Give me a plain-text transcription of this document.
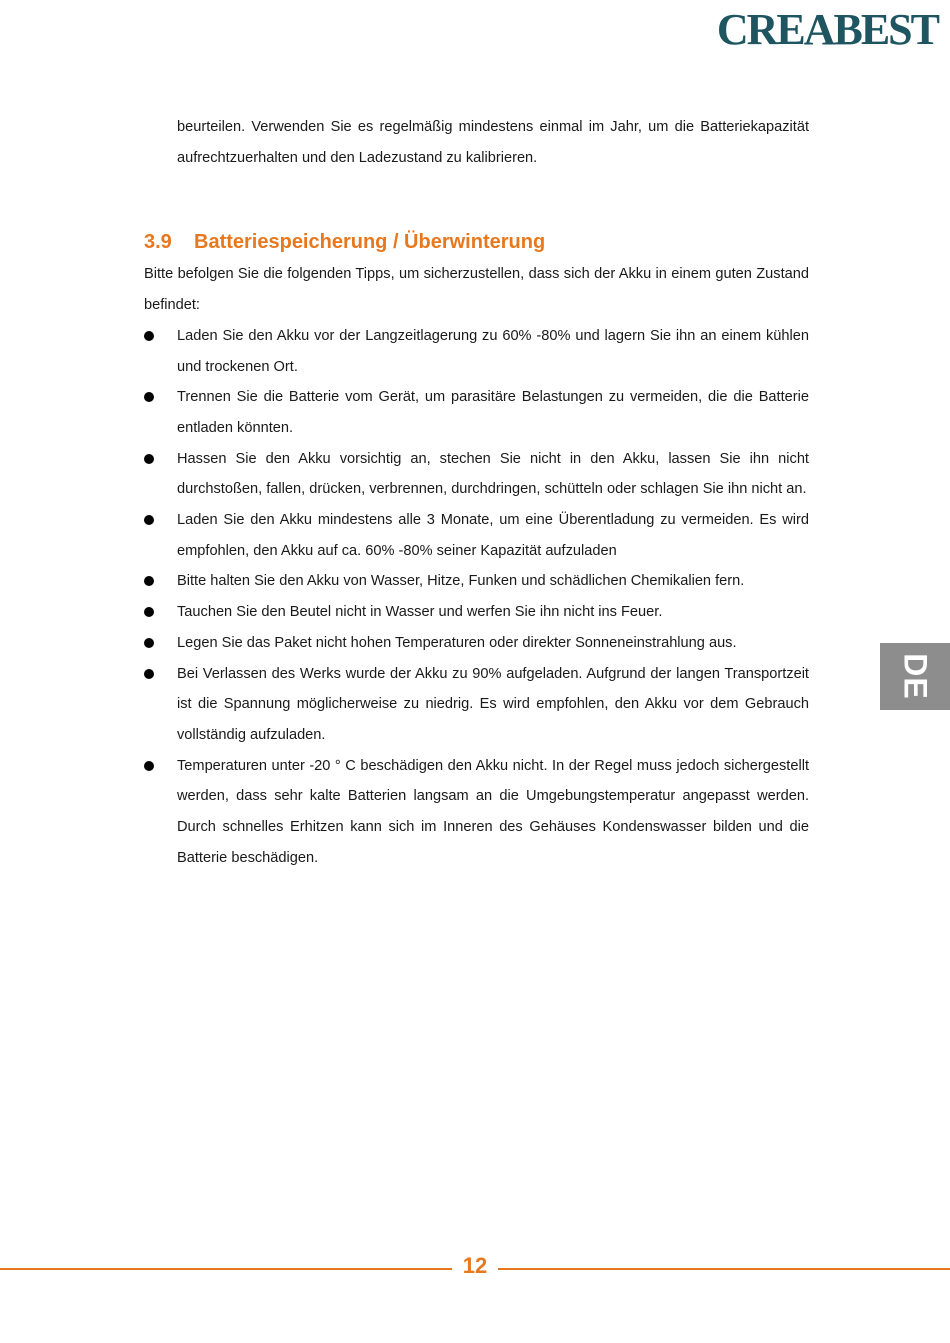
CREABEST

beurteilen. Verwenden Sie es regelmäßig mindestens einmal im Jahr, um die Batteriekapazität aufrechtzuerhalten und den Ladezustand zu kalibrieren.

3.9 Batteriespeicherung / Überwinterung

Bitte befolgen Sie die folgenden Tipps, um sicherzustellen, dass sich der Akku in einem guten Zustand befindet:

Laden Sie den Akku vor der Langzeitlagerung zu 60% -80% und lagern Sie ihn an einem kühlen und trockenen Ort.
Trennen Sie die Batterie vom Gerät, um parasitäre Belastungen zu vermeiden, die die Batterie entladen könnten.
Hassen Sie den Akku vorsichtig an, stechen Sie nicht in den Akku, lassen Sie ihn nicht durchstoßen, fallen, drücken, verbrennen, durchdringen, schütteln oder schlagen Sie ihn nicht an.
Laden Sie den Akku mindestens alle 3 Monate, um eine Überentladung zu vermeiden. Es wird empfohlen, den Akku auf ca. 60% -80% seiner Kapazität aufzuladen
Bitte halten Sie den Akku von Wasser, Hitze, Funken und schädlichen Chemikalien fern.
Tauchen Sie den Beutel nicht in Wasser und werfen Sie ihn nicht ins Feuer.
Legen Sie das Paket nicht hohen Temperaturen oder direkter Sonneneinstrahlung aus.
Bei Verlassen des Werks wurde der Akku zu 90% aufgeladen. Aufgrund der langen Transportzeit ist die Spannung möglicherweise zu niedrig. Es wird empfohlen, den Akku vor dem Gebrauch vollständig aufzuladen.
Temperaturen unter -20 ° C beschädigen den Akku nicht. In der Regel muss jedoch sichergestellt werden, dass sehr kalte Batterien langsam an die Umgebungstemperatur angepasst werden. Durch schnelles Erhitzen kann sich im Inneren des Gehäuses Kondenswasser bilden und die Batterie beschädigen.
DE
12
